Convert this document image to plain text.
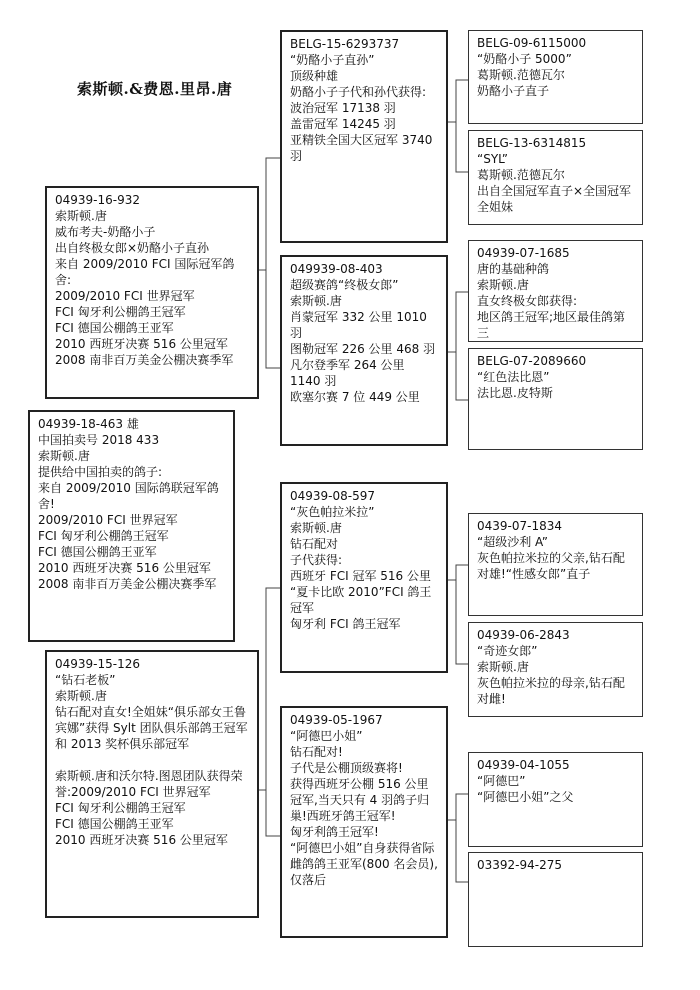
索斯顿.&费恩.里昂.唐
04939-16-932
索斯顿.唐
威布考夫-奶酪小子
出自终极女郎×奶酪小子直孙
来自 2009/2010 FCI 国际冠军鸽舍:
2009/2010 FCI 世界冠军
FCI 匈牙利公棚鸽王冠军
FCI 德国公棚鸽王亚军
2010 西班牙决赛 516 公里冠军
2008 南非百万美金公棚决赛季军
04939-18-463 雄
中国拍卖号 2018 433
索斯顿.唐
提供给中国拍卖的鸽子:
来自 2009/2010 国际鸽联冠军鸽舍!
2009/2010 FCI 世界冠军
FCI 匈牙利公棚鸽王冠军
FCI 德国公棚鸽王亚军
2010 西班牙决赛 516 公里冠军
2008 南非百万美金公棚决赛季军
04939-15-126
“钻石老板”
索斯顿.唐
钻石配对直女!全姐妹“俱乐部女王鲁宾娜”获得 Sylt 团队俱乐部鸽王冠军和 2013 奖杯俱乐部冠军

索斯顿.唐和沃尔特.图恩团队获得荣誉:2009/2010 FCI 世界冠军
FCI 匈牙利公棚鸽王冠军
FCI 德国公棚鸽王亚军
2010 西班牙决赛 516 公里冠军
BELG-15-6293737
“奶酪小子直孙”
顶级种雄
奶酪小子子代和孙代获得:
波治冠军 17138 羽
盖雷冠军 14245 羽
亚精铁全国大区冠军 3740 羽
049939-08-403
超级赛鸽“终极女郎”
索斯顿.唐
肖蒙冠军 332 公里 1010 羽
图勒冠军 226 公里 468 羽
凡尔登季军 264 公里 1140 羽
欧塞尔赛 7 位 449 公里
04939-08-597
“灰色帕拉米拉”
索斯顿.唐
钻石配对
子代获得:
西班牙 FCI 冠军 516 公里
“夏卡比欧 2010”FCI 鸽王冠军
匈牙利 FCI 鸽王冠军
04939-05-1967
“阿德巴小姐”
钻石配对!
子代是公棚顶级赛将!
获得西班牙公棚 516 公里冠军,当天只有 4 羽鸽子归巢!西班牙鸽王冠军!
匈牙利鸽王冠军!
“阿德巴小姐”自身获得省际雌鸽鸽王亚军(800 名会员),仅落后
BELG-09-6115000
“奶酪小子 5000”
葛斯顿.范德瓦尔
奶酪小子直子
BELG-13-6314815
“SYL”
葛斯顿.范德瓦尔
出自全国冠军直子×全国冠军全姐妹
04939-07-1685
唐的基础种鸽
索斯顿.唐
直女终极女郎获得:
地区鸽王冠军;地区最佳鸽第三
BELG-07-2089660
“红色法比恩”
法比恩.皮特斯
0439-07-1834
“超级沙利 A”
灰色帕拉米拉的父亲,钻石配对雄!“性感女郎”直子
04939-06-2843
“奇迹女郎”
索斯顿.唐
灰色帕拉米拉的母亲,钻石配对雌!
04939-04-1055
“阿德巴”
“阿德巴小姐”之父
03392-94-275
